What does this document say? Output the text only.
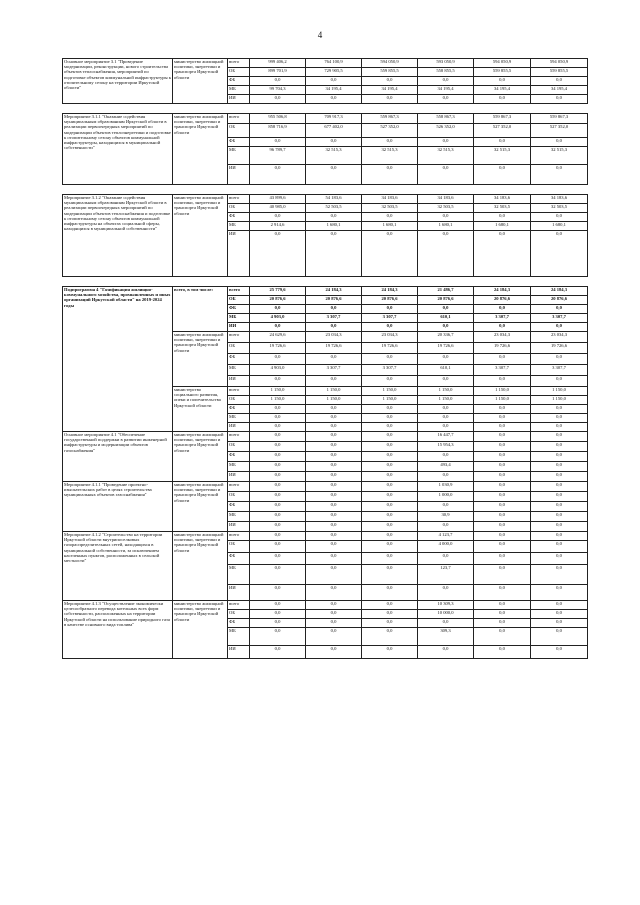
4
Основное мероприятие 3.1 "Проведение модернизации, реконструкции, нового строительства объектов теплоснабжения, мероприятий по подготовке объектов коммунальной инфраструктуры к отопительному сезону на территории Иркутской области"	министерство жилищной политики, энергетики и транспорта Иркутской области	всего	999 406,2	764 100,9	594 050,9	593 050,9	594 050,9	594 050,9
		ОБ	899 701,9	729 905,5	559 855,5	558 855,5	559 855,5	559 855,5
		ФБ	0,0	0,0	0,0	0,0	0,0	0,0
		МБ	99 704,3	34 195,4	34 195,4	34 195,4	34 195,4	34 195,4
		ИИ	0,0	0,0	0,0	0,0	0,0	0,0

Мероприятие 3.1.1 "Оказание содействия муниципальным образованиям Иркутской области в реализации первоочередных мероприятий по модернизации объектов теплоэнергетики и подготовке к отопительному сезону объектов коммунальной инфраструктуры, находящихся в муниципальной собственности"	министерство жилищной политики, энергетики и транспорта Иркутской области	всего	955 506,8	709 917,3	559 867,3	558 867,3	559 867,3	559 867,3
		ОБ	858 716,9	677 402,0	527 352,0	526 352,0	527 352,0	527 352,0
		ФБ	0,0	0,0	0,0	0,0	0,0	0,0
		МБ	96 789,7	32 515,3	32 515,3	32 515,3	32 515,3	32 515,3
		ИИ	0,0	0,0	0,0	0,0	0,0	0,0

Мероприятие 3.1.2 "Оказание содействия муниципальным образованиям Иркутской области в реализации первоочередных мероприятий по модернизации объектов теплоснабжения и подготовке к отопительному сезону объектов коммунальной инфраструктуры на объектах социальной сферы, находящихся в муниципальной собственности"	министерство жилищной политики, энергетики и транспорта Иркутской области	всего	43 899,6	54 183,6	34 183,6	34 183,6	34 183,6	34 183,6
		ОБ	40 985,0	52 503,5	32 503,5	32 503,5	32 503,5	32 503,5
		ФБ	0,0	0,0	0,0	0,0	0,0	0,0
		МБ	2 914,6	1 680,1	1 680,1	1 680,1	1 680,1	1 680,1
		ИИ	0,0	0,0	0,0	0,0	0,0	0,0

Подпрограмма 4 "Газификация жилищно-коммунального хозяйства, промышленных и иных организаций Иркутской области" на 2019-2024 годы	всего, в том числе:	всего	25 779,6	24 184,3	24 184,3	21 486,7	24 184,3	24 184,3
		ОБ	20 876,6	20 876,6	20 876,6	20 876,6	20 876,6	20 876,6
		ФБ	0,0	0,0	0,0	0,0	0,0	0,0
		МБ	4 903,0	3 307,7	3 307,7	610,1	3 307,7	3 307,7
		ИИ	0,0	0,0	0,0	0,0	0,0	0,0
	министерство жилищной политики, энергетики и транспорта Иркутской области	всего	24 629,6	23 034,3	23 034,3	20 336,7	23 034,3	23 034,3
		ОБ	19 726,6	19 726,6	19 726,6	19 726,6	19 726,6	19 726,6
		ФБ	0,0	0,0	0,0	0,0	0,0	0,0
		МБ	4 903,0	3 307,7	3 307,7	610,1	3 307,7	3 307,7
		ИИ	0,0	0,0	0,0	0,0	0,0	0,0
	министерство социального развития, опеки и попечительства Иркутской области	всего	1 150,0	1 150,0	1 150,0	1 150,0	1 150,0	1 150,0
		ОБ	1 150,0	1 150,0	1 150,0	1 150,0	1 150,0	1 150,0
		ФБ	0,0	0,0	0,0	0,0	0,0	0,0
		МБ	0,0	0,0	0,0	0,0	0,0	0,0
		ИИ	0,0	0,0	0,0	0,0	0,0	0,0
Основное мероприятие 4.1 "Обеспечение государственной поддержки в развитии инженерной инфраструктуры и модернизации объектов газоснабжения"	министерство жилищной политики, энергетики и транспорта Иркутской области	всего	0,0	0,0	0,0	16 447,7	0,0	0,0
		ОБ	0,0	0,0	0,0	15 954,3	0,0	0,0
		ФБ	0,0	0,0	0,0	0,0	0,0	0,0
		МБ	0,0	0,0	0,0	493,4	0,0	0,0
		ИИ	0,0	0,0	0,0	0,0	0,0	0,0
Мероприятие 4.1.1 "Проведение проектно-изыскательских работ в целях строительства муниципальных объектов газоснабжения"	министерство жилищной политики, энергетики и транспорта Иркутской области	всего	0,0	0,0	0,0	1 030,9	0,0	0,0
		ОБ	0,0	0,0	0,0	1 000,0	0,0	0,0
		ФБ	0,0	0,0	0,0	0,0	0,0	0,0
		МБ	0,0	0,0	0,0	30,9	0,0	0,0
		ИИ	0,0	0,0	0,0	0,0	0,0	0,0
Мероприятие 4.1.2 "Строительство на территории Иркутской области внутрипоселковых газораспределительных сетей, находящихся в муниципальной собственности, за исключением населенных пунктов, расположенных в сельской местности"	министерство жилищной политики, энергетики и транспорта Иркутской области	всего	0,0	0,0	0,0	4 123,7	0,0	0,0
		ОБ	0,0	0,0	0,0	4 000,0	0,0	0,0
		ФБ	0,0	0,0	0,0	0,0	0,0	0,0
		МБ	0,0	0,0	0,0	123,7	0,0	0,0
		ИИ	0,0	0,0	0,0	0,0	0,0	0,0
Мероприятие 4.1.3 "Осуществление экономически целесообразного перевода котельных всех форм собственности, расположенных на территории Иркутской области на использование природного газа в качестве основного вида топлива"	министерство жилищной политики, энергетики и транспорта Иркутской области	всего	0,0	0,0	0,0	10 309,3	0,0	0,0
		ОБ	0,0	0,0	0,0	10 000,0	0,0	0,0
		ФБ	0,0	0,0	0,0	0,0	0,0	0,0
		МБ	0,0	0,0	0,0	309,3	0,0	0,0
		ИИ	0,0	0,0	0,0	0,0	0,0	0,0
